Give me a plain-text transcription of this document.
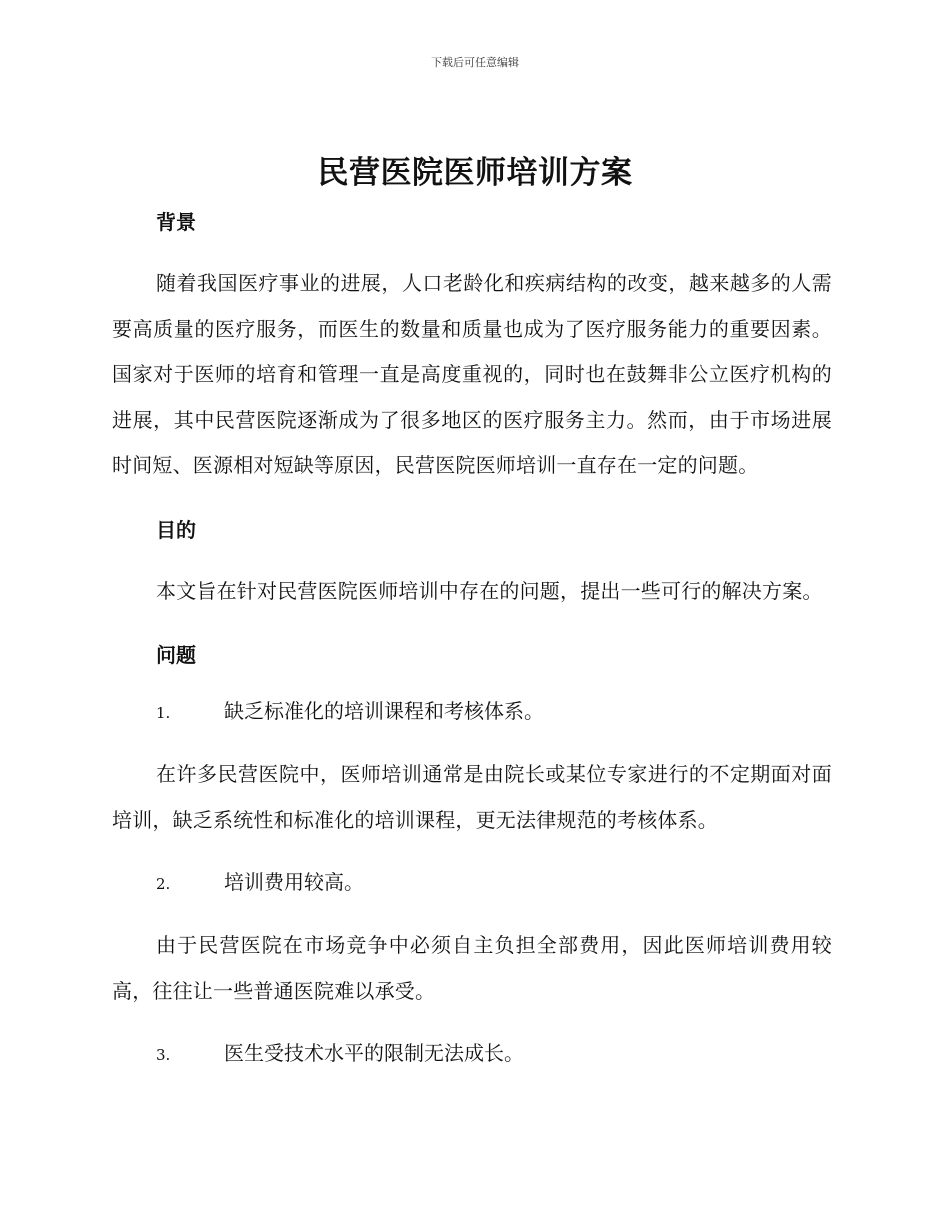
下载后可任意编辑
民营医院医师培训方案
背景

随着我国医疗事业的进展，人口老龄化和疾病结构的改变，越来越多的人需要高质量的医疗服务，而医生的数量和质量也成为了医疗服务能力的重要因素。国家对于医师的培育和管理一直是高度重视的，同时也在鼓舞非公立医疗机构的进展，其中民营医院逐渐成为了很多地区的医疗服务主力。然而，由于市场进展时间短、医源相对短缺等原因，民营医院医师培训一直存在一定的问题。

目的

本文旨在针对民营医院医师培训中存在的问题，提出一些可行的解决方案。

问题
1.	缺乏标准化的培训课程和考核体系。

在许多民营医院中，医师培训通常是由院长或某位专家进行的不定期面对面培训，缺乏系统性和标准化的培训课程，更无法律规范的考核体系。

2.	培训费用较高。

由于民营医院在市场竞争中必须自主负担全部费用，因此医师培训费用较高，往往让一些普通医院难以承受。

3.	医生受技术水平的限制无法成长。
